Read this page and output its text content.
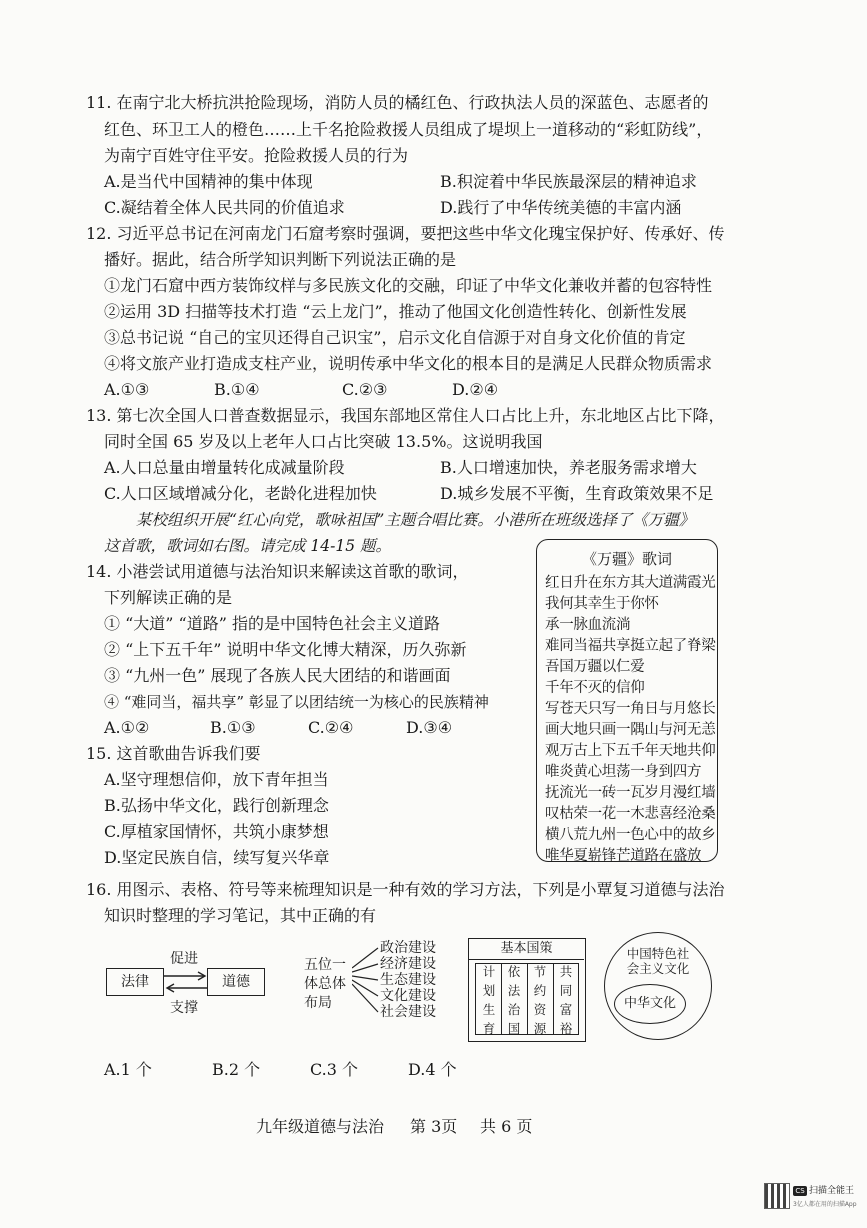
11. 在南宁北大桥抗洪抢险现场，消防人员的橘红色、行政执法人员的深蓝色、志愿者的
红色、环卫工人的橙色……上千名抢险救援人员组成了堤坝上一道移动的“彩虹防线”，
为南宁百姓守住平安。抢险救援人员的行为
A.是当代中国精神的集中体现	B.积淀着中华民族最深层的精神追求
C.凝结着全体人民共同的价值追求	D.践行了中华传统美德的丰富内涵
12. 习近平总书记在河南龙门石窟考察时强调，要把这些中华文化瑰宝保护好、传承好、传
播好。据此，结合所学知识判断下列说法正确的是
①龙门石窟中西方装饰纹样与多民族文化的交融，印证了中华文化兼收并蓄的包容特性
②运用 3D 扫描等技术打造 “云上龙门”，推动了他国文化创造性转化、创新性发展
③总书记说 “自己的宝贝还得自己识宝”，启示文化自信源于对自身文化价值的肯定
④将文旅产业打造成支柱产业，说明传承中华文化的根本目的是满足人民群众物质需求
A.①③	B.①④	C.②③	D.②④
13. 第七次全国人口普查数据显示，我国东部地区常住人口占比上升，东北地区占比下降，
同时全国 65 岁及以上老年人口占比突破 13.5%。这说明我国
A.人口总量由增量转化成减量阶段	B.人口增速加快，养老服务需求增大
C.人口区域增减分化，老龄化进程加快	D.城乡发展不平衡，生育政策效果不足
某校组织开展“红心向党，歌咏祖国”主题合唱比赛。小港所在班级选择了《万疆》
这首歌，歌词如右图。请完成 14-15 题。
《万疆》歌词
红日升在东方其大道满霞光
我何其幸生于你怀
承一脉血流淌
难同当福共享挺立起了脊梁
吾国万疆以仁爱
千年不灭的信仰
写苍天只写一角日与月悠长
画大地只画一隅山与河无恙
观万古上下五千年天地共仰
唯炎黄心坦荡一身到四方
抚流光一砖一瓦岁月漫红墙
叹枯荣一花一木悲喜经沧桑
横八荒九州一色心中的故乡
唯华夏崭锋芒道路在盛放
14. 小港尝试用道德与法治知识来解读这首歌的歌词，
下列解读正确的是
① “大道” “道路” 指的是中国特色社会主义道路
② “上下五千年” 说明中华文化博大精深，历久弥新
③ “九州一色” 展现了各族人民大团结的和谐画面
④ “难同当，福共享” 彰显了以团结统一为核心的民族精神
A.①②	B.①③	C.②④	D.③④
15. 这首歌曲告诉我们要
A.坚守理想信仰，放下青年担当
B.弘扬中华文化，践行创新理念
C.厚植家国情怀，共筑小康梦想
D.坚定民族自信，续写复兴华章
16. 用图示、表格、符号等来梳理知识是一种有效的学习方法，下列是小覃复习道德与法治
知识时整理的学习笔记，其中正确的有
法律	道德
促进
支撑
五位一
体总体
布局
政治建设
经济建设
生态建设
文化建设
社会建设
基本国策
计
划
生
育
依
法
治
国
节
约
资
源
共
同
富
裕
中国特色社
会主义文化
中华文化
A.1 个	B.2 个	C.3 个	D.4 个
九年级道德与法治 第 3页 共 6 页
CS 扫描全能王
3亿人都在用的扫描App
